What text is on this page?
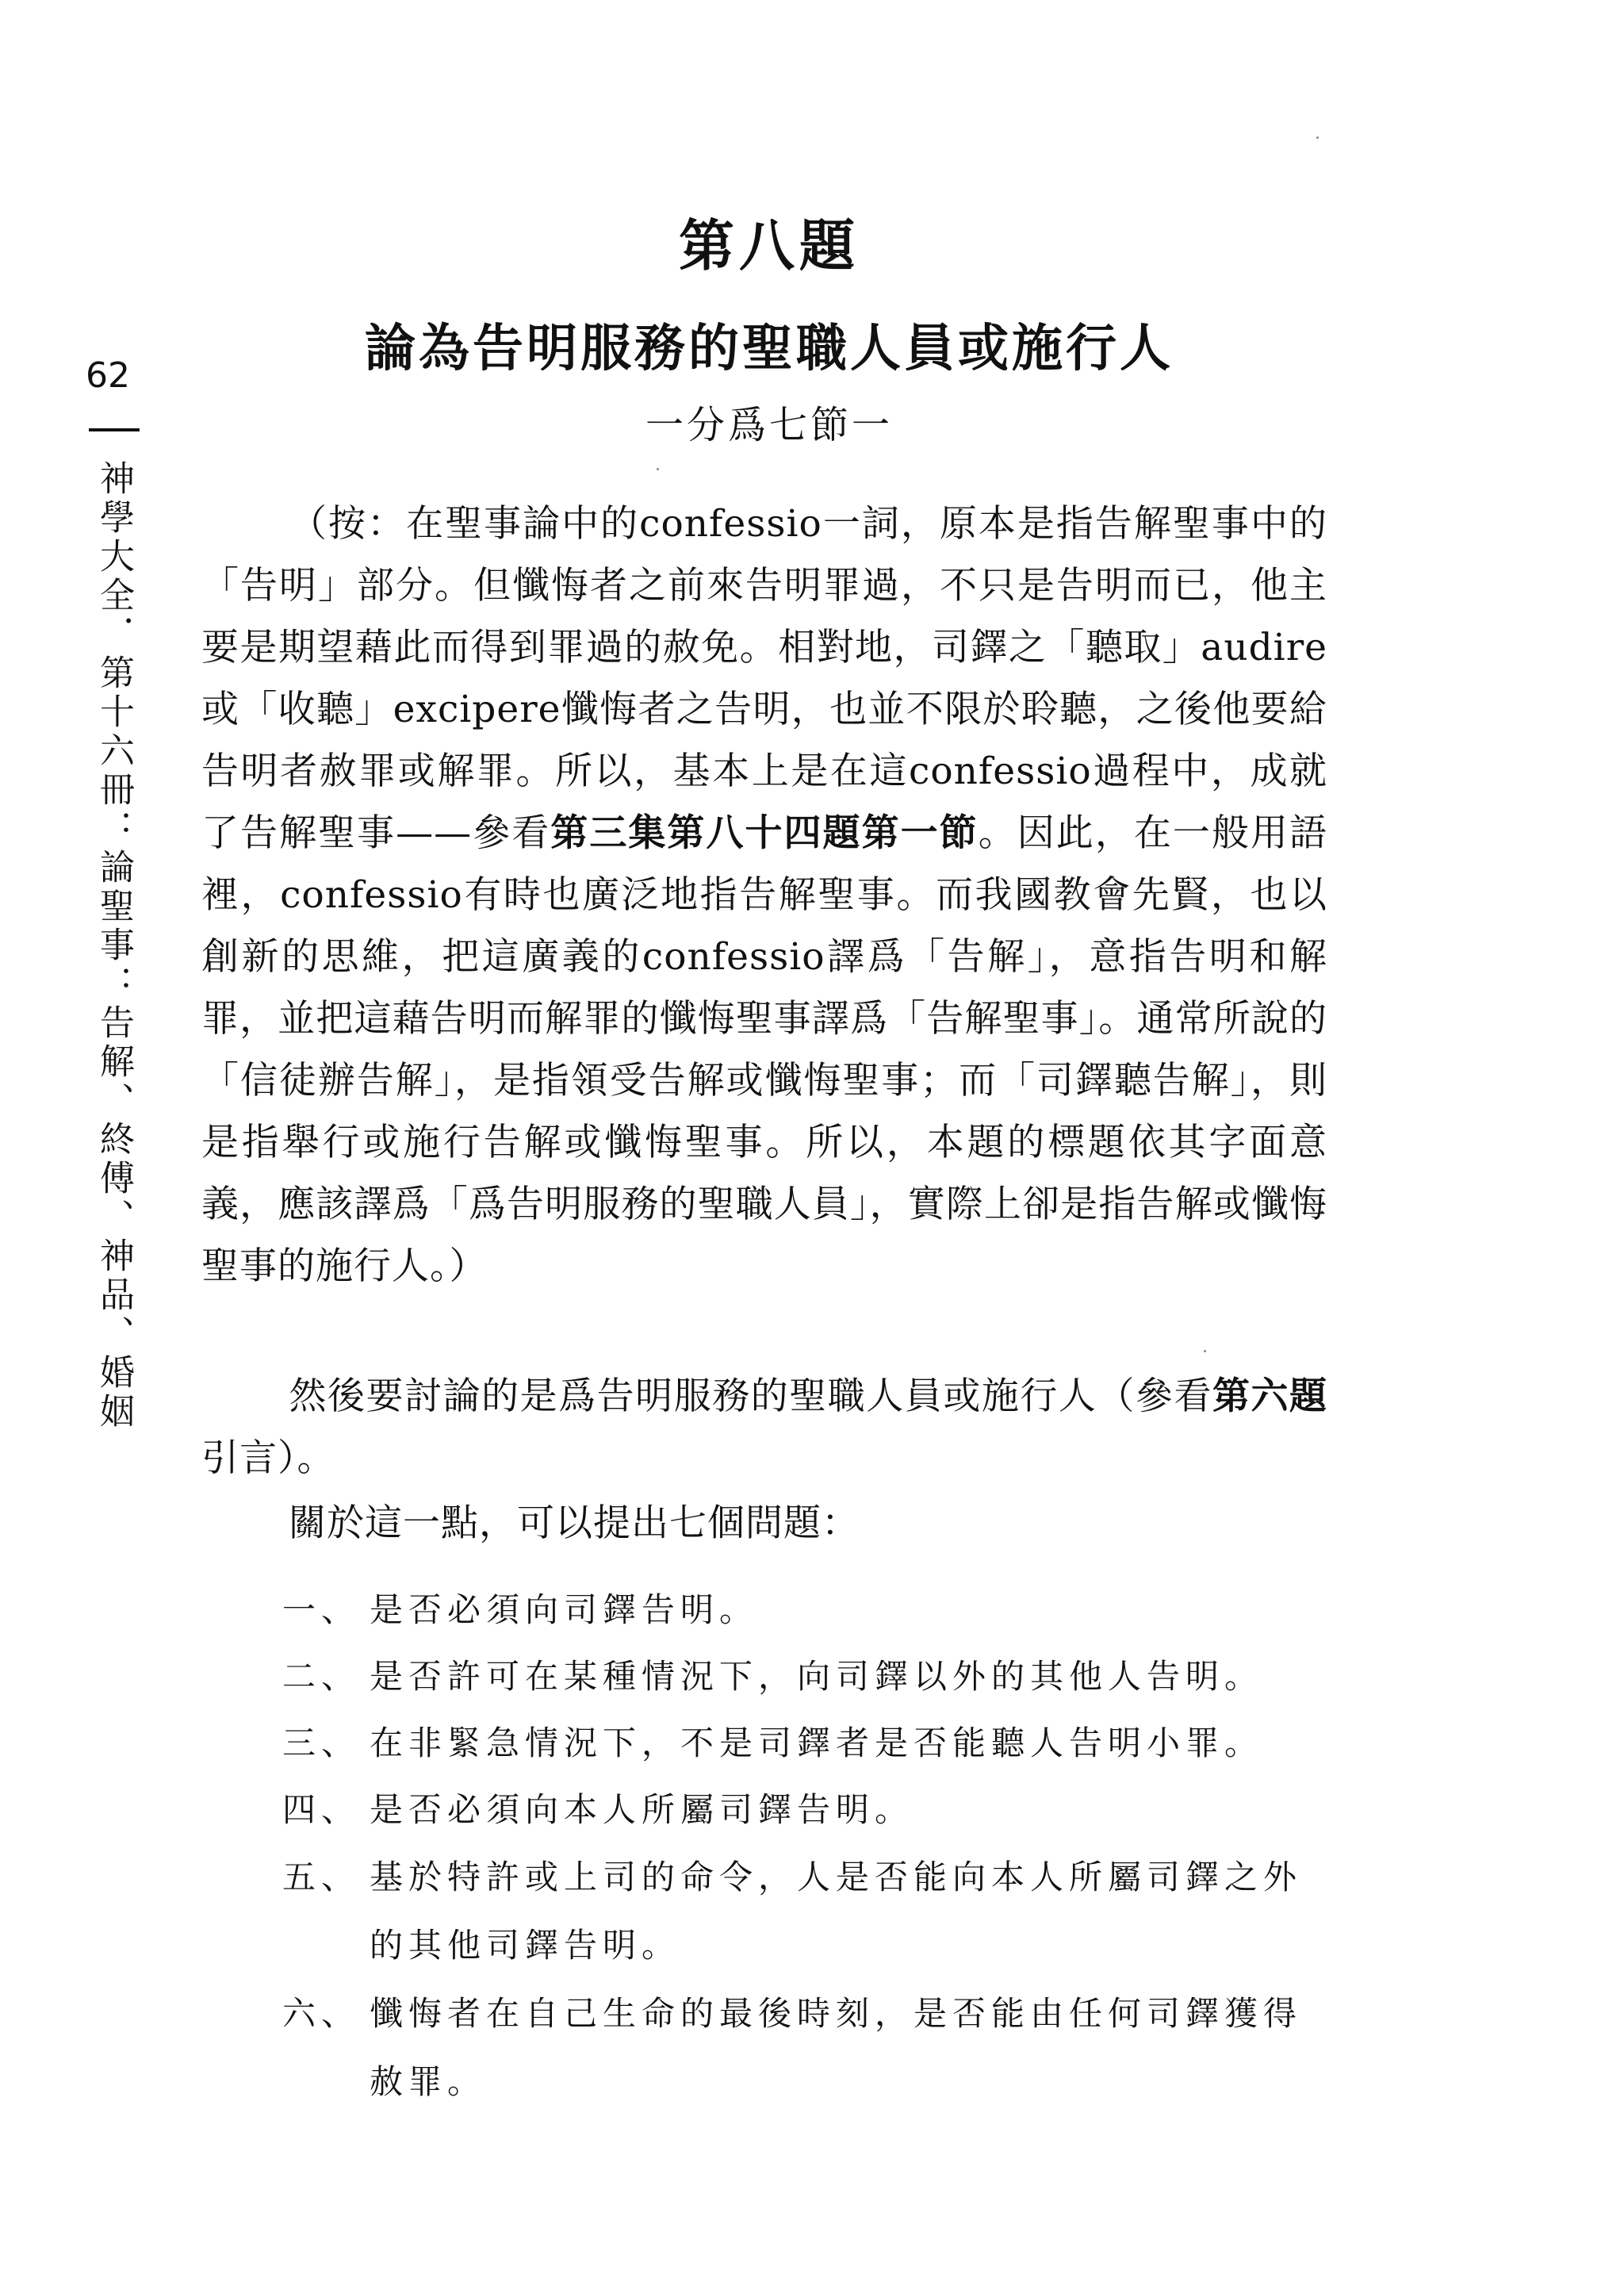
62
神學大全．第十六冊：論聖事：告解、終傅、神品、婚姻
第八題
論為告明服務的聖職人員或施行人
一分爲七節一
（按：在聖事論中的confessio一詞，原本是指告解聖事中的「告明」部分。但懺悔者之前來告明罪過，不只是告明而已，他主要是期望藉此而得到罪過的赦免。相對地，司鐸之「聽取」audire或「收聽」excipere懺悔者之告明，也並不限於聆聽，之後他要給告明者赦罪或解罪。所以，基本上是在這confessio過程中，成就了告解聖事——參看第三集第八十四題第一節。因此，在一般用語裡，confessio有時也廣泛地指告解聖事。而我國教會先賢，也以創新的思維，把這廣義的confessio譯爲「告解」，意指告明和解罪，並把這藉告明而解罪的懺悔聖事譯爲「告解聖事」。通常所說的「信徒辦告解」，是指領受告解或懺悔聖事；而「司鐸聽告解」，則是指舉行或施行告解或懺悔聖事。所以，本題的標題依其字面意義，應該譯爲「爲告明服務的聖職人員」，實際上卻是指告解或懺悔聖事的施行人。）
然後要討論的是爲告明服務的聖職人員或施行人（參看第六題引言）。
關於這一點，可以提出七個問題：
一、 是否必須向司鐸告明。
二、 是否許可在某種情況下，向司鐸以外的其他人告明。
三、 在非緊急情況下，不是司鐸者是否能聽人告明小罪。
四、 是否必須向本人所屬司鐸告明。
五、 基於特許或上司的命令，人是否能向本人所屬司鐸之外的其他司鐸告明。
六、 懺悔者在自己生命的最後時刻，是否能由任何司鐸獲得赦罪。
